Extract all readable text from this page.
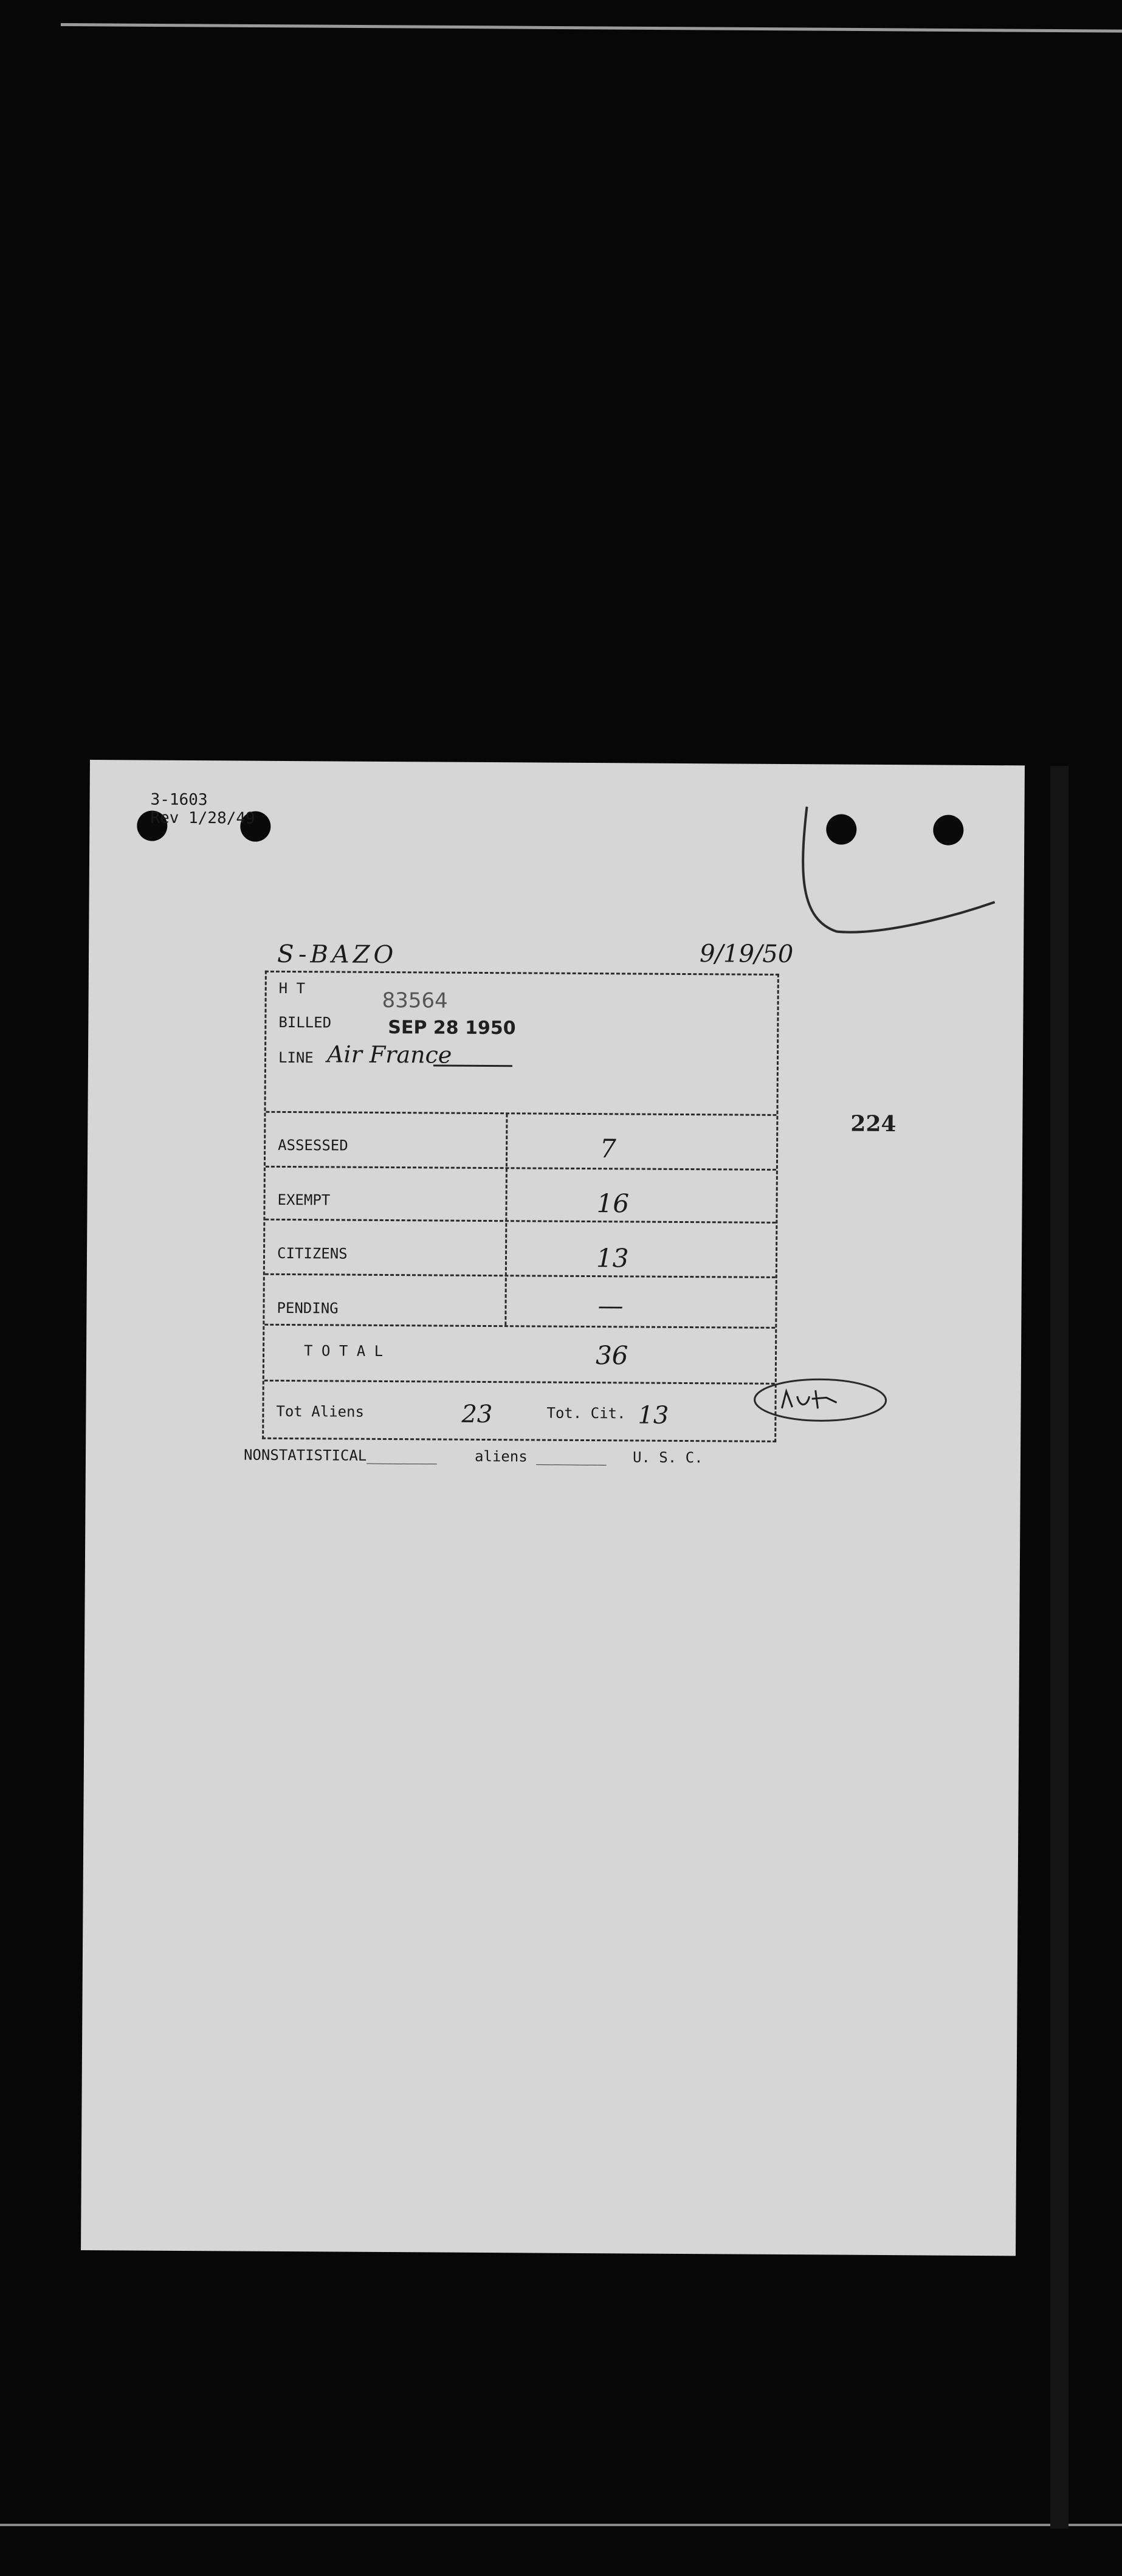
3-1603
Rev 1/28/49
S-BAZO	9/19/50
224
H T	83564
BILLED	SEP 28 1950
LINE Air France
ASSESSED	7
EXEMPT	16
CITIZENS	13
PENDING	—
T O T A L	36
Tot Aliens	23	Tot. Cit. 13
NONSTATISTICAL________	aliens ________ U. S. C.
